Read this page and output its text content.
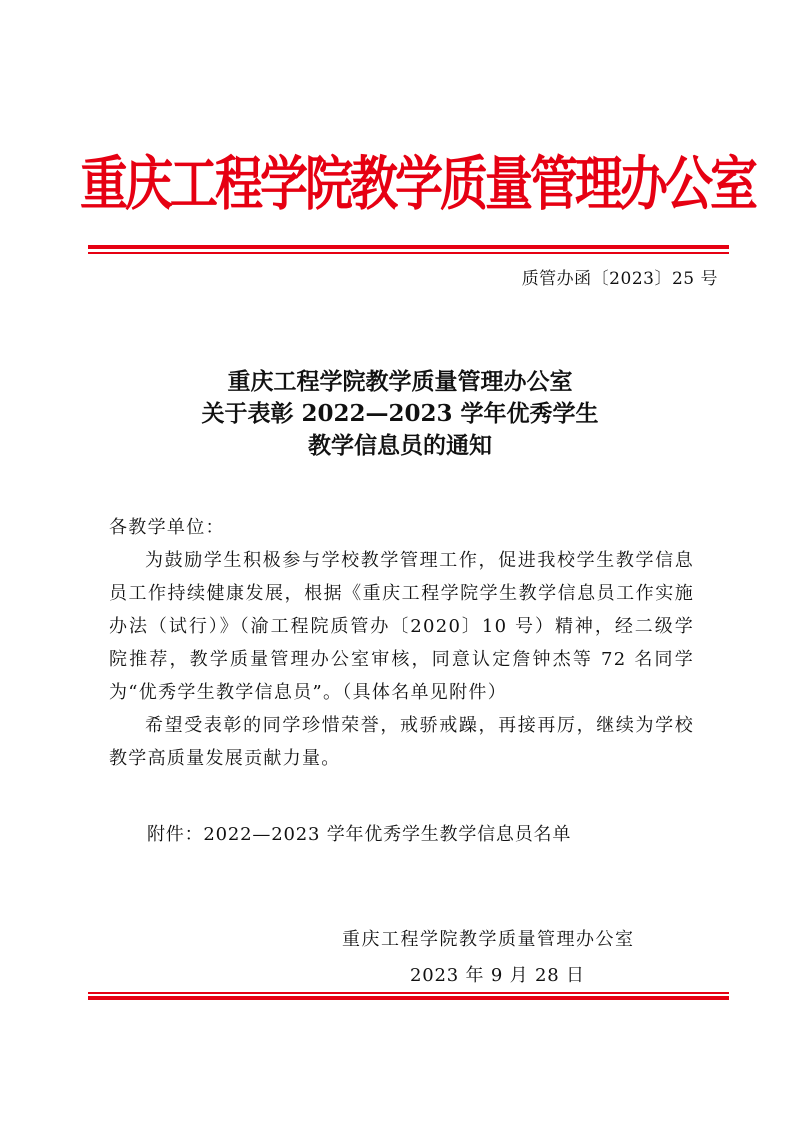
重庆工程学院教学质量管理办公室
质管办函〔2023〕25 号
重庆工程学院教学质量管理办公室
关于表彰 2022—2023 学年优秀学生
教学信息员的通知

各教学单位：

为鼓励学生积极参与学校教学管理工作，促进我校学生教学信息员工作持续健康发展，根据《重庆工程学院学生教学信息员工作实施办法（试行）》（渝工程院质管办〔2020〕10 号）精神，经二级学院推荐，教学质量管理办公室审核，同意认定詹钟杰等 72 名同学为“优秀学生教学信息员”。（具体名单见附件）

希望受表彰的同学珍惜荣誉，戒骄戒躁，再接再厉，继续为学校教学高质量发展贡献力量。

附件：2022—2023 学年优秀学生教学信息员名单
重庆工程学院教学质量管理办公室
2023 年 9 月 28 日
